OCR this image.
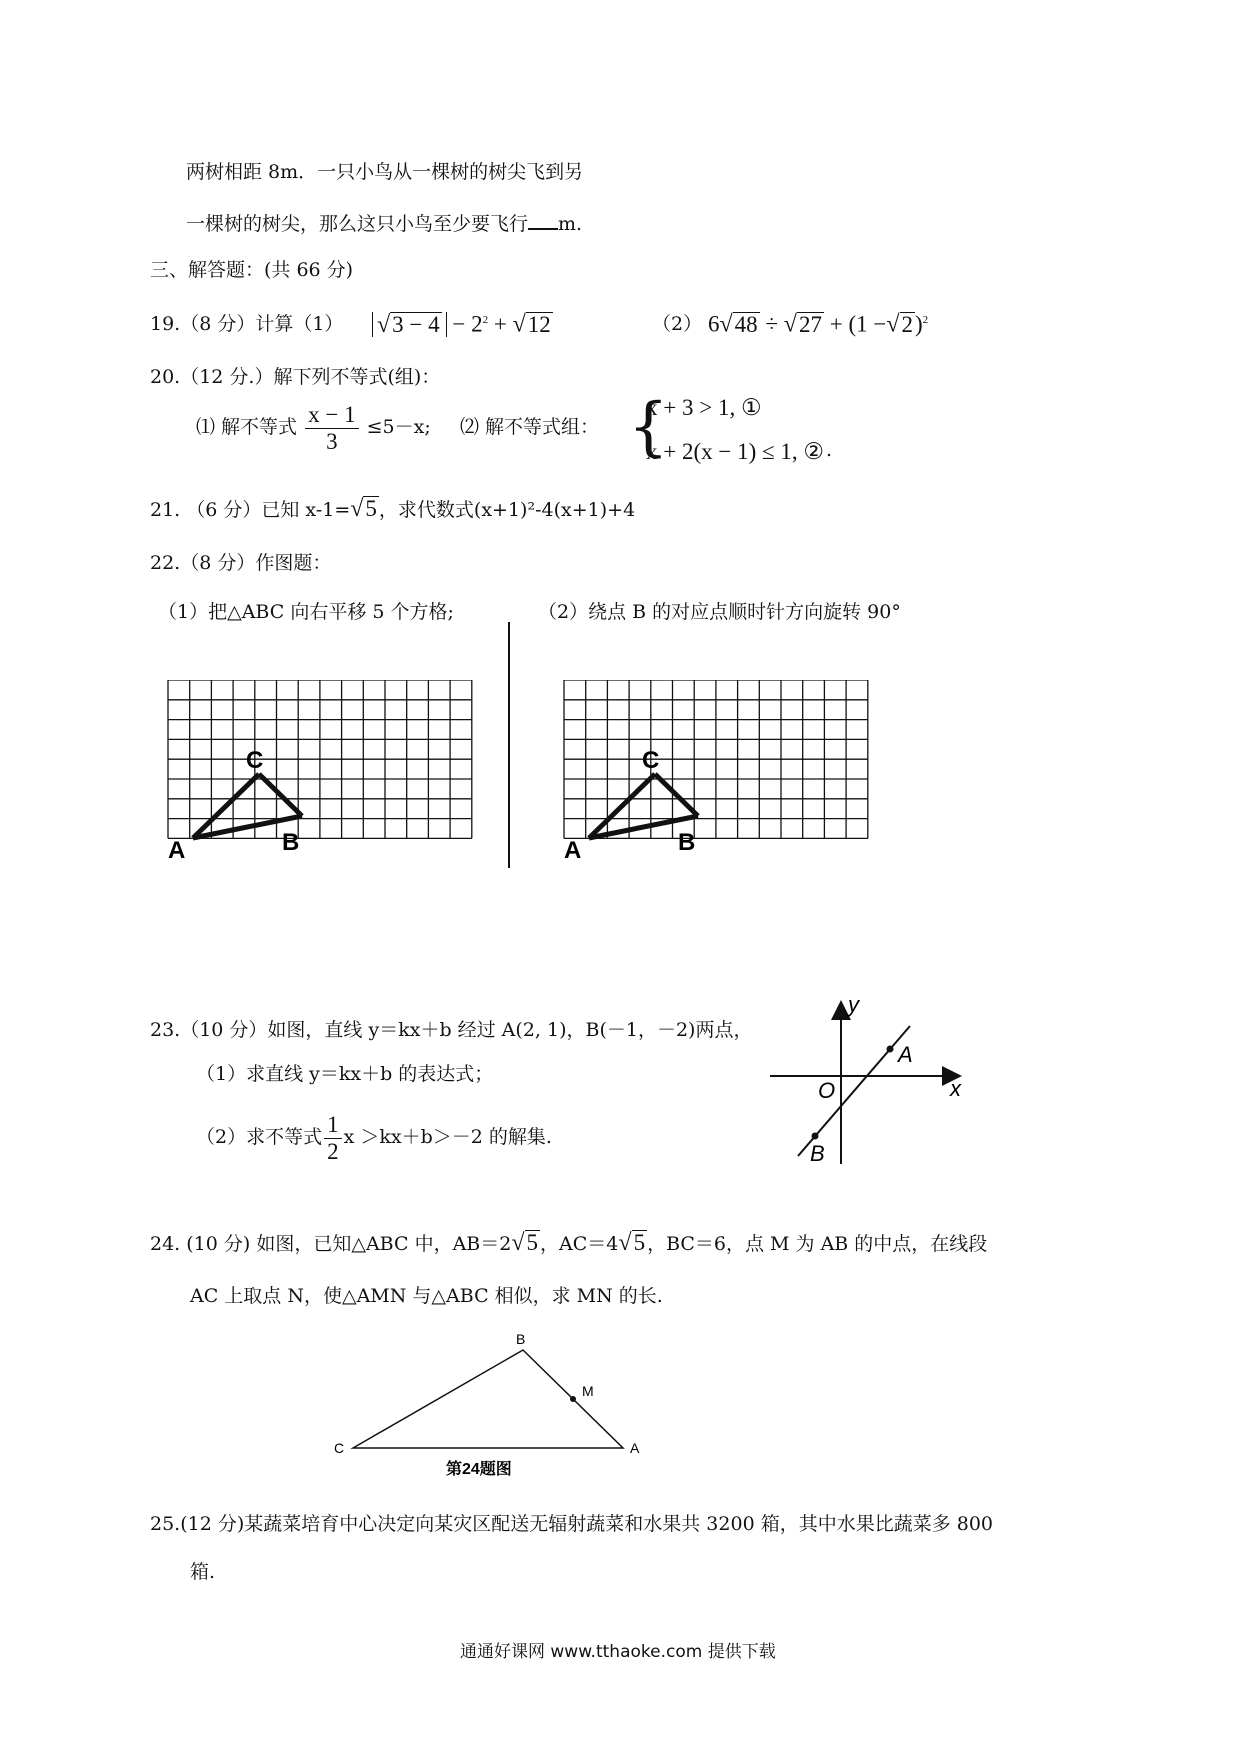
两树相距 8m．一只小鸟从一棵树的树尖飞到另
一棵树的树尖，那么这只小鸟至少要飞行 m.
三、解答题：(共 66 分)
19.（8 分）计算（1） $√3 - 4 - 2^2 + √12$	（2） $6√48 \div √27 + (1 -√2)^2$
20.（12 分.）解下列不等式(组)：
⑴ 解不等式 $\frac{x - 1}{3} \le 5-x$; ⑵ 解不等式组： {
x + 3 > 1, ①
x + 2(x − 1) ≤ 1, ② .
21. （6 分）已知 x-1=√5 ，求代数式(x+1)²-4(x+1)+4
22.（8 分）作图题：
（1）把△ABC 向右平移 5 个方格;	（2）绕点 B 的对应点顺时针方向旋转 90°
A	B
C
A	B
C
23.（10 分）如图，直线 y＝kx＋b 经过 A(2, 1)，B(－1，－2)两点，
（1）求直线 y＝kx＋b 的表达式；
（2）求不等式 $\frac{1}{2}$ x ＞kx＋b＞－2 的解集.
y
x
O
A
B
24. (10 分) 如图，已知△ABC 中，AB＝2√5 ，AC＝4√5 ，BC＝6，点 M 为 AB 的中点，在线段
AC 上取点 N，使△AMN 与△ABC 相似，求 MN 的长.
B
M
C	A
第24题图
25.(12 分)某蔬菜培育中心决定向某灾区配送无辐射蔬菜和水果共 3200 箱，其中水果比蔬菜多 800
箱.
通通好课网 www.tthaoke.com 提供下载
